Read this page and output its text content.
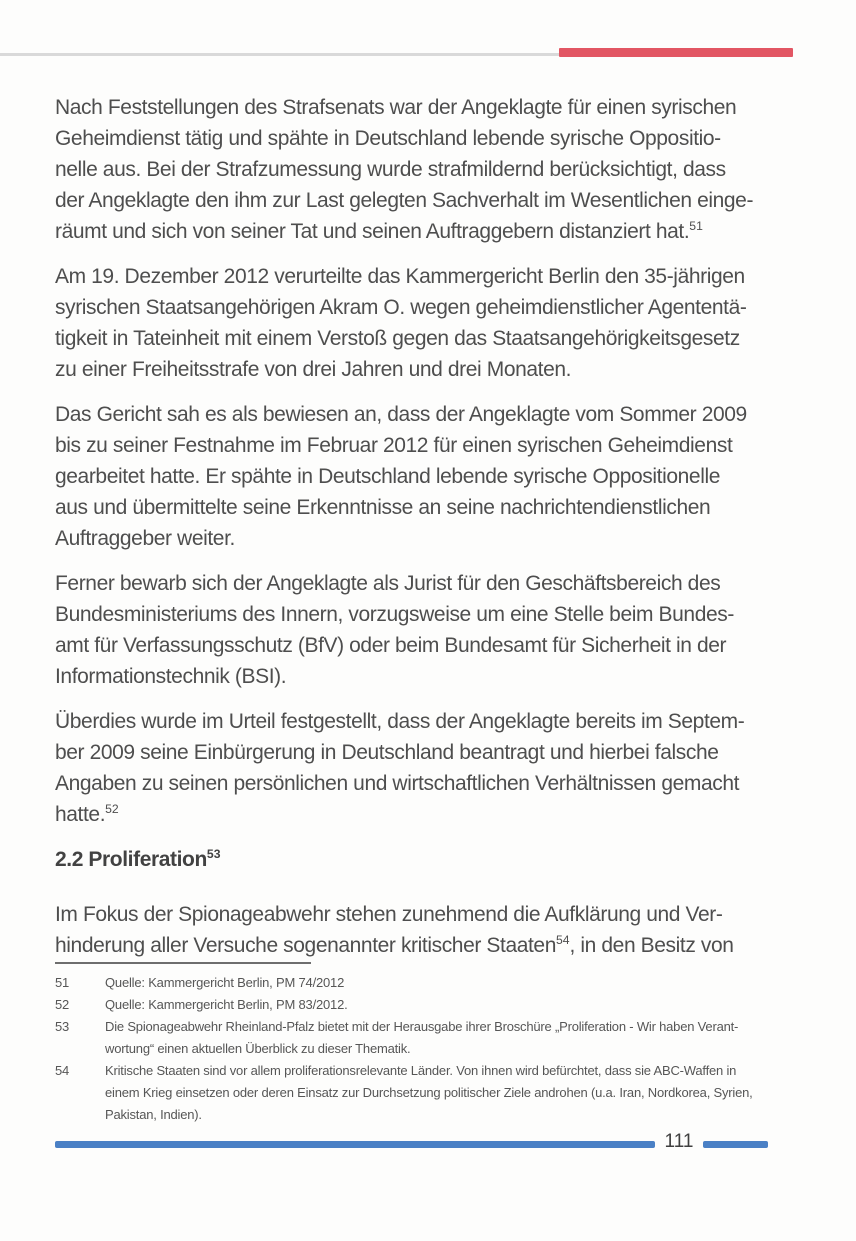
Nach Feststellungen des Strafsenats war der Angeklagte für einen syrischen
Geheimdienst tätig und spähte in Deutschland lebende syrische Oppositio-
nelle aus. Bei der Strafzumessung wurde strafmildernd berücksichtigt, dass
der Angeklagte den ihm zur Last gelegten Sachverhalt im Wesentlichen einge-
räumt und sich von seiner Tat und seinen Auftraggebern distanziert hat.$^{51}$

Am 19. Dezember 2012 verurteilte das Kammergericht Berlin den 35-jährigen
syrischen Staatsangehörigen Akram O. wegen geheimdienstlicher Agententä-
tigkeit in Tateinheit mit einem Verstoß gegen das Staatsangehörigkeitsgesetz
zu einer Freiheitsstrafe von drei Jahren und drei Monaten.

Das Gericht sah es als bewiesen an, dass der Angeklagte vom Sommer 2009
bis zu seiner Festnahme im Februar 2012 für einen syrischen Geheimdienst
gearbeitet hatte. Er spähte in Deutschland lebende syrische Oppositionelle
aus und übermittelte seine Erkenntnisse an seine nachrichtendienstlichen
Auftraggeber weiter.

Ferner bewarb sich der Angeklagte als Jurist für den Geschäftsbereich des
Bundesministeriums des Innern, vorzugsweise um eine Stelle beim Bundes-
amt für Verfassungsschutz (BfV) oder beim Bundesamt für Sicherheit in der
Informationstechnik (BSI).

Überdies wurde im Urteil festgestellt, dass der Angeklagte bereits im Septem-
ber 2009 seine Einbürgerung in Deutschland beantragt und hierbei falsche
Angaben zu seinen persönlichen und wirtschaftlichen Verhältnissen gemacht
hatte.$^{52}$

2.2 Proliferation$^{53}$

Im Fokus der Spionageabwehr stehen zunehmend die Aufklärung und Ver-
hinderung aller Versuche sogenannter kritischer Staaten$^{54}$, in den Besitz von

51	Quelle: Kammergericht Berlin, PM 74/2012
52	Quelle: Kammergericht Berlin, PM 83/2012.
53	Die Spionageabwehr Rheinland-Pfalz bietet mit der Herausgabe ihrer Broschüre „Proliferation - Wir haben Verant-
wortung“ einen aktuellen Überblick zu dieser Thematik.
54	Kritische Staaten sind vor allem proliferationsrelevante Länder. Von ihnen wird befürchtet, dass sie ABC-Waffen in
einem Krieg einsetzen oder deren Einsatz zur Durchsetzung politischer Ziele androhen (u.a. Iran, Nordkorea, Syrien,
Pakistan, Indien).
111
